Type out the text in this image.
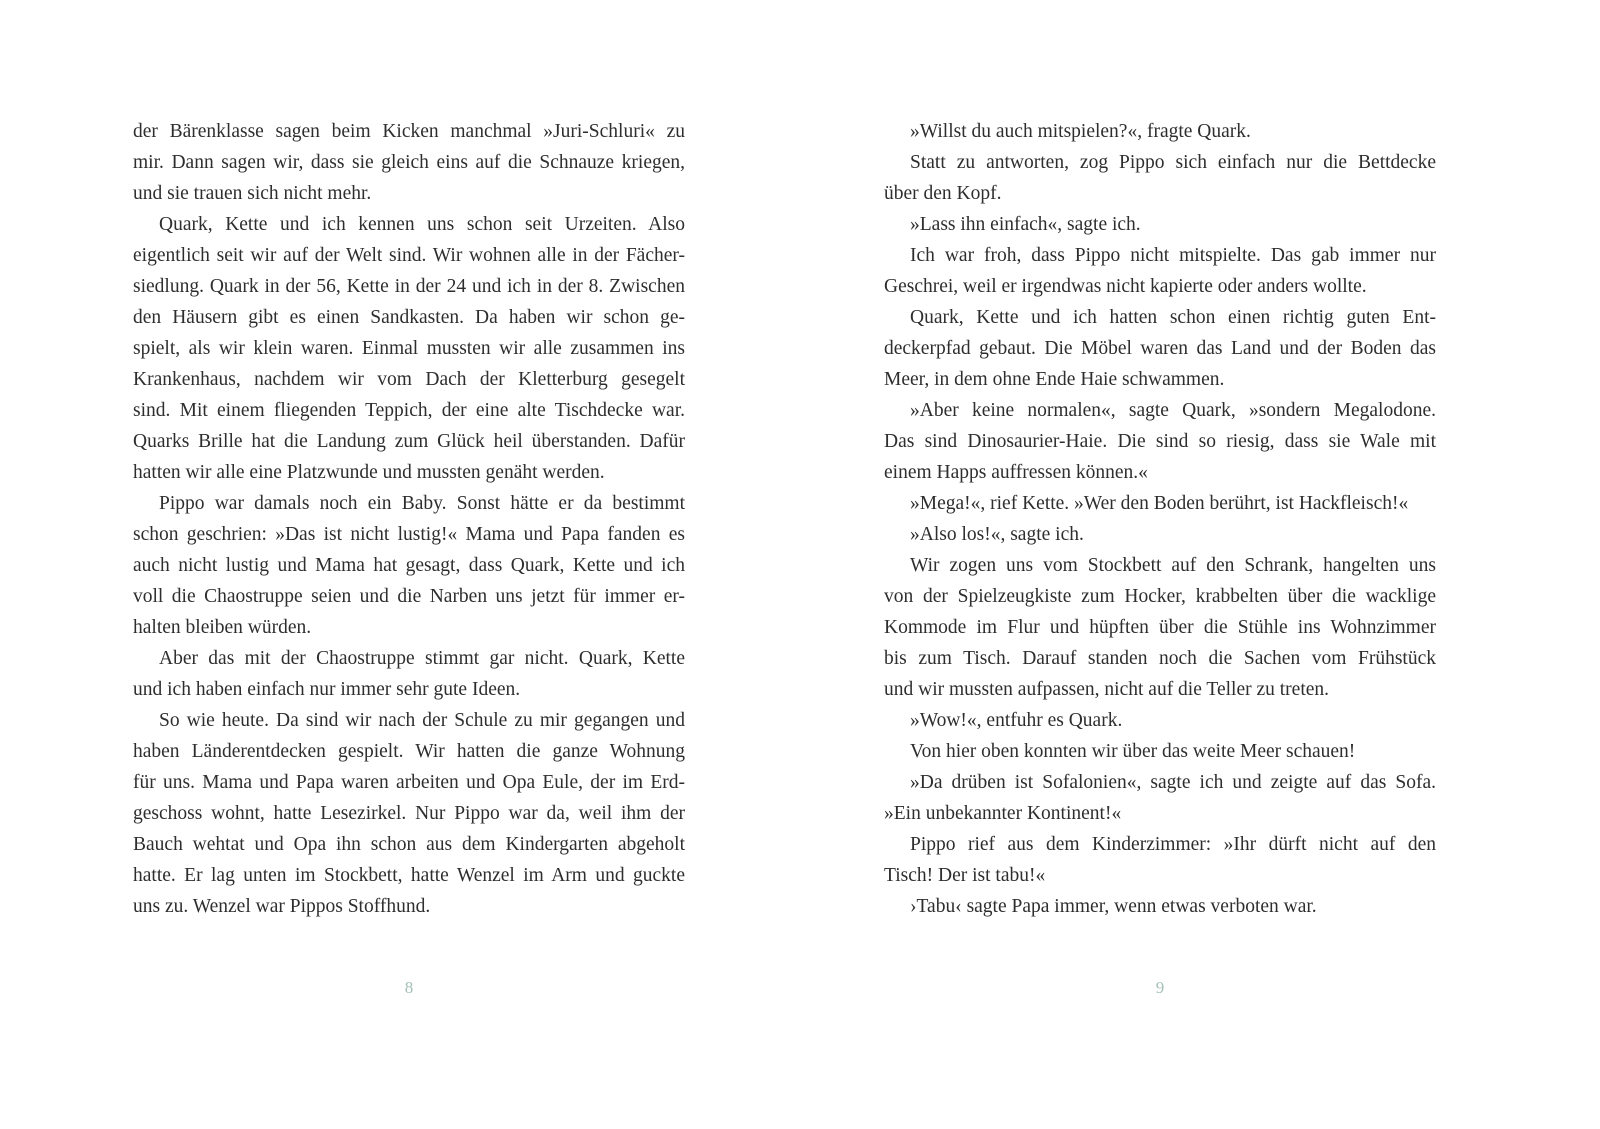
der Bärenklasse sagen beim Kicken manchmal »Juri-Schluri« zu
mir. Dann sagen wir, dass sie gleich eins auf die Schnauze kriegen,
und sie trauen sich nicht mehr.
Quark, Kette und ich kennen uns schon seit Urzeiten. Also
eigentlich seit wir auf der Welt sind. Wir wohnen alle in der Fächer-
siedlung. Quark in der 56, Kette in der 24 und ich in der 8. Zwischen
den Häusern gibt es einen Sandkasten. Da haben wir schon ge-
spielt, als wir klein waren. Einmal mussten wir alle zusammen ins
Krankenhaus, nachdem wir vom Dach der Kletterburg gesegelt
sind. Mit einem fliegenden Teppich, der eine alte Tischdecke war.
Quarks Brille hat die Landung zum Glück heil überstanden. Dafür
hatten wir alle eine Platzwunde und mussten genäht werden.
Pippo war damals noch ein Baby. Sonst hätte er da bestimmt
schon geschrien: »Das ist nicht lustig!« Mama und Papa fanden es
auch nicht lustig und Mama hat gesagt, dass Quark, Kette und ich
voll die Chaostruppe seien und die Narben uns jetzt für immer er-
halten bleiben würden.
Aber das mit der Chaostruppe stimmt gar nicht. Quark, Kette
und ich haben einfach nur immer sehr gute Ideen.
So wie heute. Da sind wir nach der Schule zu mir gegangen und
haben Länderentdecken gespielt. Wir hatten die ganze Wohnung
für uns. Mama und Papa waren arbeiten und Opa Eule, der im Erd-
geschoss wohnt, hatte Lesezirkel. Nur Pippo war da, weil ihm der
Bauch wehtat und Opa ihn schon aus dem Kindergarten abgeholt
hatte. Er lag unten im Stockbett, hatte Wenzel im Arm und guckte
uns zu. Wenzel war Pippos Stoffhund.
»Willst du auch mitspielen?«, fragte Quark.
Statt zu antworten, zog Pippo sich einfach nur die Bettdecke
über den Kopf.
»Lass ihn einfach«, sagte ich.
Ich war froh, dass Pippo nicht mitspielte. Das gab immer nur
Geschrei, weil er irgendwas nicht kapierte oder anders wollte.
Quark, Kette und ich hatten schon einen richtig guten Ent-
deckerpfad gebaut. Die Möbel waren das Land und der Boden das
Meer, in dem ohne Ende Haie schwammen.
»Aber keine normalen«, sagte Quark, »sondern Megalodone.
Das sind Dinosaurier-Haie. Die sind so riesig, dass sie Wale mit
einem Happs auffressen können.«
»Mega!«, rief Kette. »Wer den Boden berührt, ist Hackfleisch!«
»Also los!«, sagte ich.
Wir zogen uns vom Stockbett auf den Schrank, hangelten uns
von der Spielzeugkiste zum Hocker, krabbelten über die wacklige
Kommode im Flur und hüpften über die Stühle ins Wohnzimmer
bis zum Tisch. Darauf standen noch die Sachen vom Frühstück
und wir mussten aufpassen, nicht auf die Teller zu treten.
»Wow!«, entfuhr es Quark.
Von hier oben konnten wir über das weite Meer schauen!
»Da drüben ist Sofalonien«, sagte ich und zeigte auf das Sofa.
»Ein unbekannter Kontinent!«
Pippo rief aus dem Kinderzimmer: »Ihr dürft nicht auf den
Tisch! Der ist tabu!«
›Tabu‹ sagte Papa immer, wenn etwas verboten war.
8	9
